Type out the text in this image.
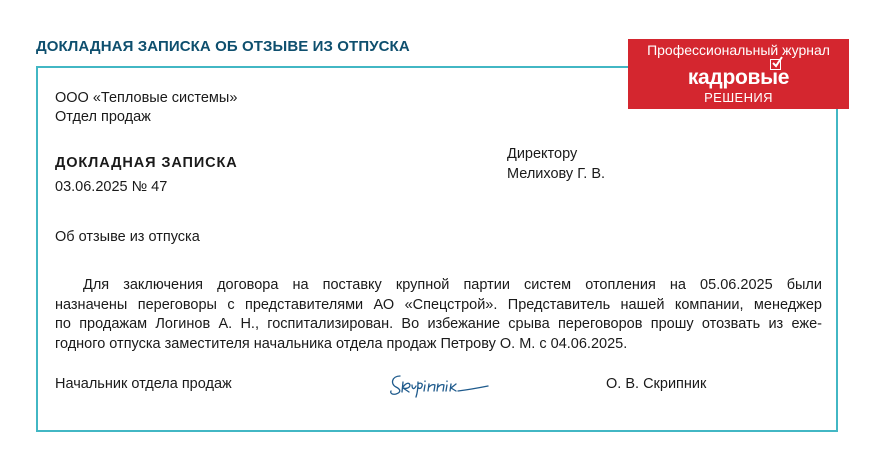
ДОКЛАДНАЯ ЗАПИСКА ОБ ОТЗЫВЕ ИЗ ОТПУСКА	Профессиональный журнал
кадровые
РЕШЕНИЯ
ООО «Тепловые системы»
Отдел продаж
ДОКЛАДНАЯ ЗАПИСКА
03.06.2025 № 47
Директору
Мелихову Г. В.
Об отзыве из отпуска
Для заключения договора на поставку крупной партии систем отопления на 05.06.2025 были
назначены переговоры с представителями АО «Спецстрой». Представитель нашей компании, менеджер
по продажам Логинов А. Н., госпитализирован. Во избежание срыва переговоров прошу отозвать из еже-
годного отпуска заместителя начальника отдела продаж Петрову О. М. с 04.06.2025.
Начальник отдела продаж	О. В. Скрипник
